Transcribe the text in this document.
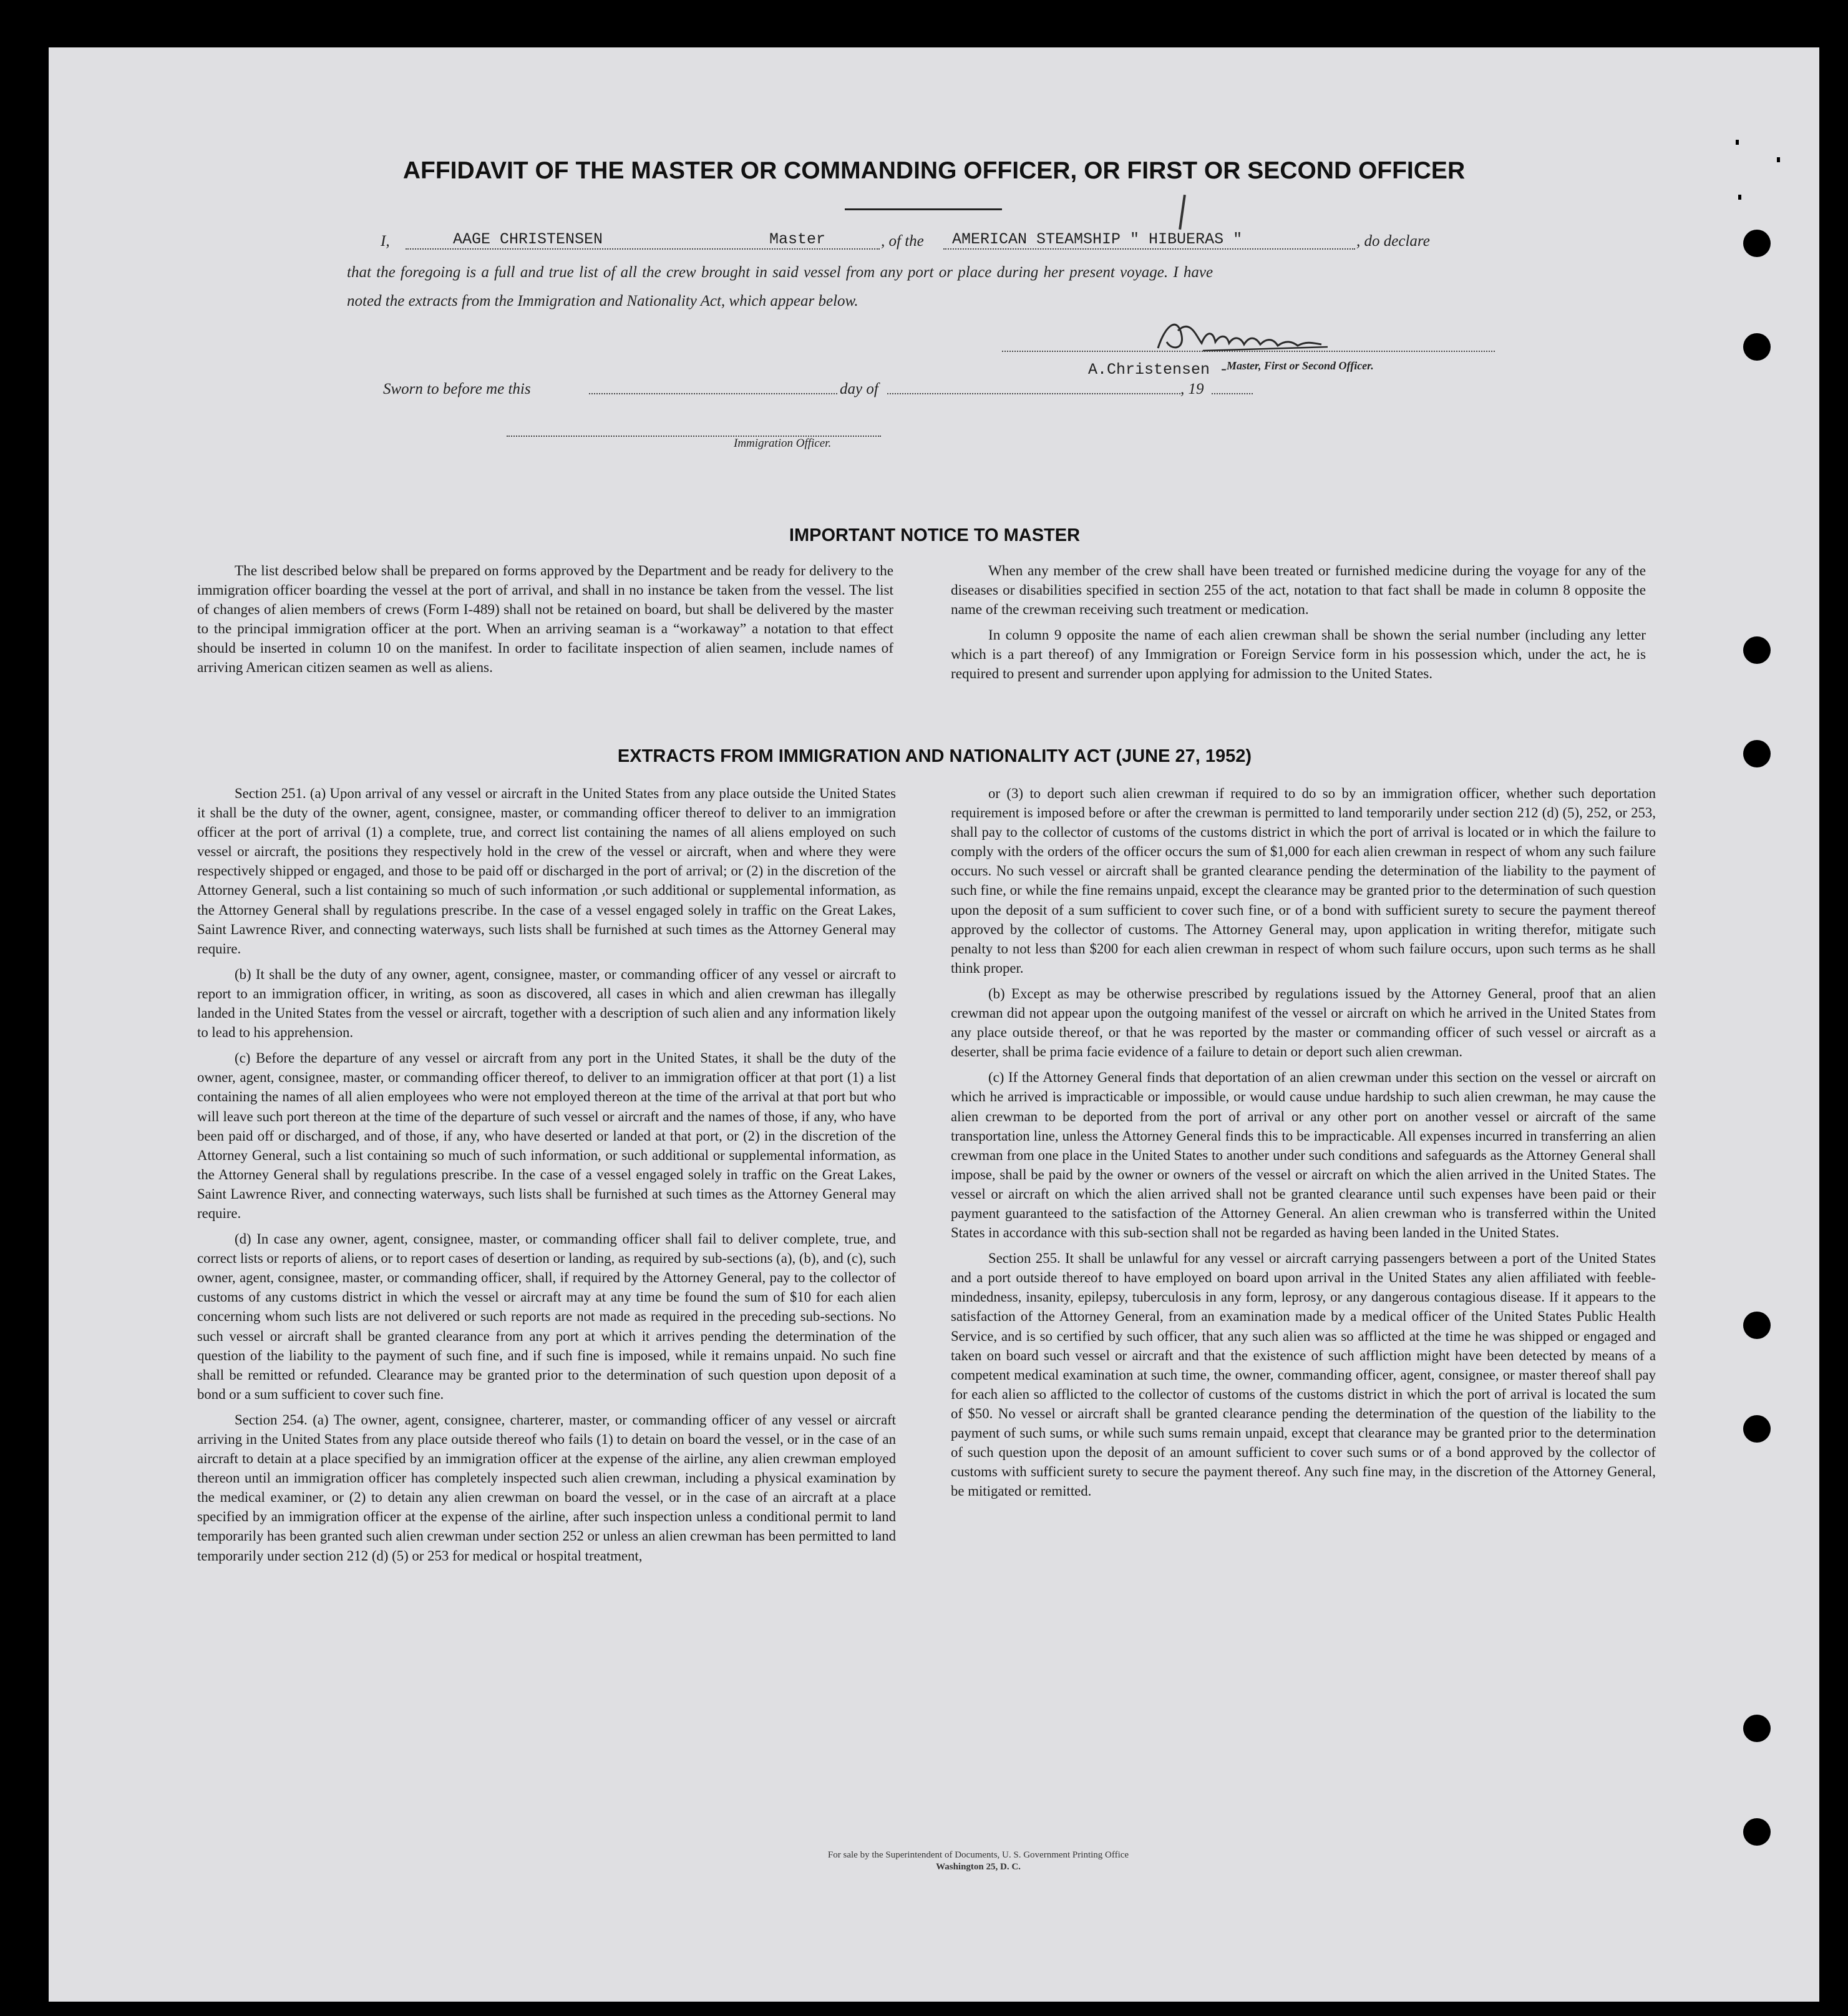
AFFIDAVIT OF THE MASTER OR COMMANDING OFFICER, OR FIRST OR SECOND OFFICER
I,	AAGE CHRISTENSEN	Master	, of the AMERICAN STEAMSHIP " HIBUERAS "	, do declare
that the foregoing is a full and true list of all the crew brought in said vessel from any port or place during her present voyage. I have
noted the extracts from the Immigration and Nationality Act, which appear below.
A.Christensen -
Master, First or Second Officer.
Sworn to before me this	day of	, 19
Immigration Officer.
IMPORTANT NOTICE TO MASTER

The list described below shall be prepared on forms approved by the Department and be ready for delivery to the immigration officer boarding the vessel at the port of arrival, and shall in no instance be taken from the vessel. The list of changes of alien members of crews (Form I-489) shall not be retained on board, but shall be delivered by the master to the principal immigration officer at the port. When an arriving seaman is a “workaway” a notation to that effect should be inserted in column 10 on the manifest. In order to facilitate inspection of alien seamen, include names of arriving American citizen seamen as well as aliens.

When any member of the crew shall have been treated or furnished medicine during the voyage for any of the diseases or disabilities specified in section 255 of the act, notation to that fact shall be made in column 8 opposite the name of the crewman receiving such treatment or medication.

In column 9 opposite the name of each alien crewman shall be shown the serial number (including any letter which is a part thereof) of any Immigration or Foreign Service form in his possession which, under the act, he is required to present and surrender upon applying for admission to the United States.

EXTRACTS FROM IMMIGRATION AND NATIONALITY ACT (JUNE 27, 1952)

Section 251. (a) Upon arrival of any vessel or aircraft in the United States from any place outside the United States it shall be the duty of the owner, agent, consignee, master, or commanding officer thereof to deliver to an immigration officer at the port of arrival (1) a complete, true, and correct list containing the names of all aliens employed on such vessel or aircraft, the positions they respectively hold in the crew of the vessel or aircraft, when and where they were respectively shipped or engaged, and those to be paid off or discharged in the port of arrival; or (2) in the discretion of the Attorney General, such a list containing so much of such information ,or such additional or supplemental information, as the Attorney General shall by regulations prescribe. In the case of a vessel engaged solely in traffic on the Great Lakes, Saint Lawrence River, and connecting waterways, such lists shall be furnished at such times as the Attorney General may require.

(b) It shall be the duty of any owner, agent, consignee, master, or commanding officer of any vessel or aircraft to report to an immigration officer, in writing, as soon as discovered, all cases in which and alien crewman has illegally landed in the United States from the vessel or aircraft, together with a description of such alien and any information likely to lead to his apprehension.

(c) Before the departure of any vessel or aircraft from any port in the United States, it shall be the duty of the owner, agent, consignee, master, or commanding officer thereof, to deliver to an immigration officer at that port (1) a list containing the names of all alien employees who were not employed thereon at the time of the arrival at that port but who will leave such port thereon at the time of the departure of such vessel or aircraft and the names of those, if any, who have been paid off or discharged, and of those, if any, who have deserted or landed at that port, or (2) in the discretion of the Attorney General, such a list containing so much of such information, or such additional or supplemental information, as the Attorney General shall by regulations prescribe. In the case of a vessel engaged solely in traffic on the Great Lakes, Saint Lawrence River, and connecting waterways, such lists shall be furnished at such times as the Attorney General may require.

(d) In case any owner, agent, consignee, master, or commanding officer shall fail to deliver complete, true, and correct lists or reports of aliens, or to report cases of desertion or landing, as required by sub-sections (a), (b), and (c), such owner, agent, consignee, master, or commanding officer, shall, if required by the Attorney General, pay to the collector of customs of any customs district in which the vessel or aircraft may at any time be found the sum of $10 for each alien concerning whom such lists are not delivered or such reports are not made as required in the preceding sub-sections. No such vessel or aircraft shall be granted clearance from any port at which it arrives pending the determination of the question of the liability to the payment of such fine, and if such fine is imposed, while it remains unpaid. No such fine shall be remitted or refunded. Clearance may be granted prior to the determination of such question upon deposit of a bond or a sum sufficient to cover such fine.

Section 254. (a) The owner, agent, consignee, charterer, master, or commanding officer of any vessel or aircraft arriving in the United States from any place outside thereof who fails (1) to detain on board the vessel, or in the case of an aircraft to detain at a place specified by an immigration officer at the expense of the airline, any alien crewman employed thereon until an immigration officer has completely inspected such alien crewman, including a physical examination by the medical examiner, or (2) to detain any alien crewman on board the vessel, or in the case of an aircraft at a place specified by an immigration officer at the expense of the airline, after such inspection unless a conditional permit to land temporarily has been granted such alien crewman under section 252 or unless an alien crewman has been permitted to land temporarily under section 212 (d) (5) or 253 for medical or hospital treatment,

or (3) to deport such alien crewman if required to do so by an immigration officer, whether such deportation requirement is imposed before or after the crewman is permitted to land temporarily under section 212 (d) (5), 252, or 253, shall pay to the collector of customs of the customs district in which the port of arrival is located or in which the failure to comply with the orders of the officer occurs the sum of $1,000 for each alien crewman in respect of whom any such failure occurs. No such vessel or aircraft shall be granted clearance pending the determination of the liability to the payment of such fine, or while the fine remains unpaid, except the clearance may be granted prior to the determination of such question upon the deposit of a sum sufficient to cover such fine, or of a bond with sufficient surety to secure the payment thereof approved by the collector of customs. The Attorney General may, upon application in writing therefor, mitigate such penalty to not less than $200 for each alien crewman in respect of whom such failure occurs, upon such terms as he shall think proper.

(b) Except as may be otherwise prescribed by regulations issued by the Attorney General, proof that an alien crewman did not appear upon the outgoing manifest of the vessel or aircraft on which he arrived in the United States from any place outside thereof, or that he was reported by the master or commanding officer of such vessel or aircraft as a deserter, shall be prima facie evidence of a failure to detain or deport such alien crewman.

(c) If the Attorney General finds that deportation of an alien crewman under this section on the vessel or aircraft on which he arrived is impracticable or impossible, or would cause undue hardship to such alien crewman, he may cause the alien crewman to be deported from the port of arrival or any other port on another vessel or aircraft of the same transportation line, unless the Attorney General finds this to be impracticable. All expenses incurred in transferring an alien crewman from one place in the United States to another under such conditions and safeguards as the Attorney General shall impose, shall be paid by the owner or owners of the vessel or aircraft on which the alien arrived in the United States. The vessel or aircraft on which the alien arrived shall not be granted clearance until such expenses have been paid or their payment guaranteed to the satisfaction of the Attorney General. An alien crewman who is transferred within the United States in accordance with this sub-section shall not be regarded as having been landed in the United States.

Section 255. It shall be unlawful for any vessel or aircraft carrying passengers between a port of the United States and a port outside thereof to have employed on board upon arrival in the United States any alien affiliated with feeble-mindedness, insanity, epilepsy, tuberculosis in any form, leprosy, or any dangerous contagious disease. If it appears to the satisfaction of the Attorney General, from an examination made by a medical officer of the United States Public Health Service, and is so certified by such officer, that any such alien was so afflicted at the time he was shipped or engaged and taken on board such vessel or aircraft and that the existence of such affliction might have been detected by means of a competent medical examination at such time, the owner, commanding officer, agent, consignee, or master thereof shall pay for each alien so afflicted to the collector of customs of the customs district in which the port of arrival is located the sum of $50. No vessel or aircraft shall be granted clearance pending the determination of the question of the liability to the payment of such sums, or while such sums remain unpaid, except that clearance may be granted prior to the determination of such question upon the deposit of an amount sufficient to cover such sums or of a bond approved by the collector of customs with sufficient surety to secure the payment thereof. Any such fine may, in the discretion of the Attorney General, be mitigated or remitted.

For sale by the Superintendent of Documents, U. S. Government Printing Office
Washington 25, D. C.
